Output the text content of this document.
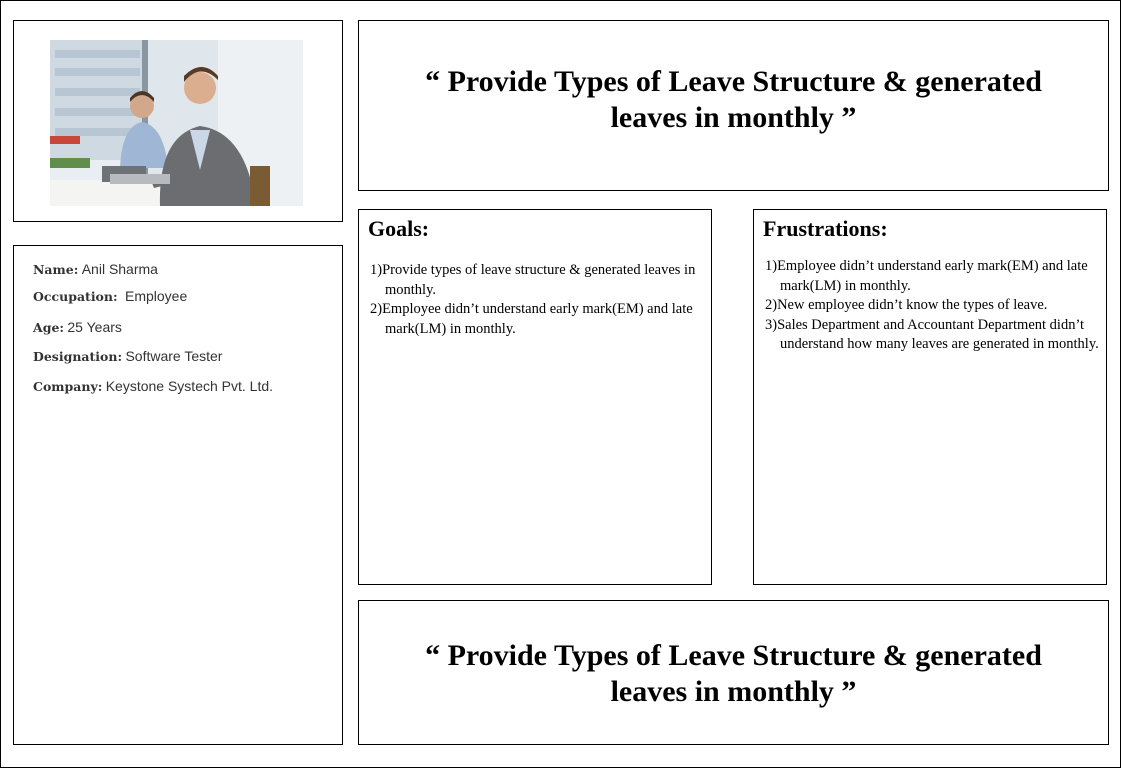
Name: Anil Sharma
Occupation: Employee
Age: 25 Years
Designation: Software Tester
Company: Keystone Systech Pvt. Ltd.
“ Provide Types of Leave Structure & generated
leaves in monthly ”
Goals:
1)Provide types of leave structure & generated leaves in monthly.
2)Employee didn’t understand early mark(EM) and late mark(LM) in monthly.
Frustrations:
1)Employee didn’t understand early mark(EM) and late mark(LM) in monthly.
2)New employee didn’t know the types of leave.
3)Sales Department and Accountant Department didn’t understand how many leaves are generated in monthly.
“ Provide Types of Leave Structure & generated
leaves in monthly ”
